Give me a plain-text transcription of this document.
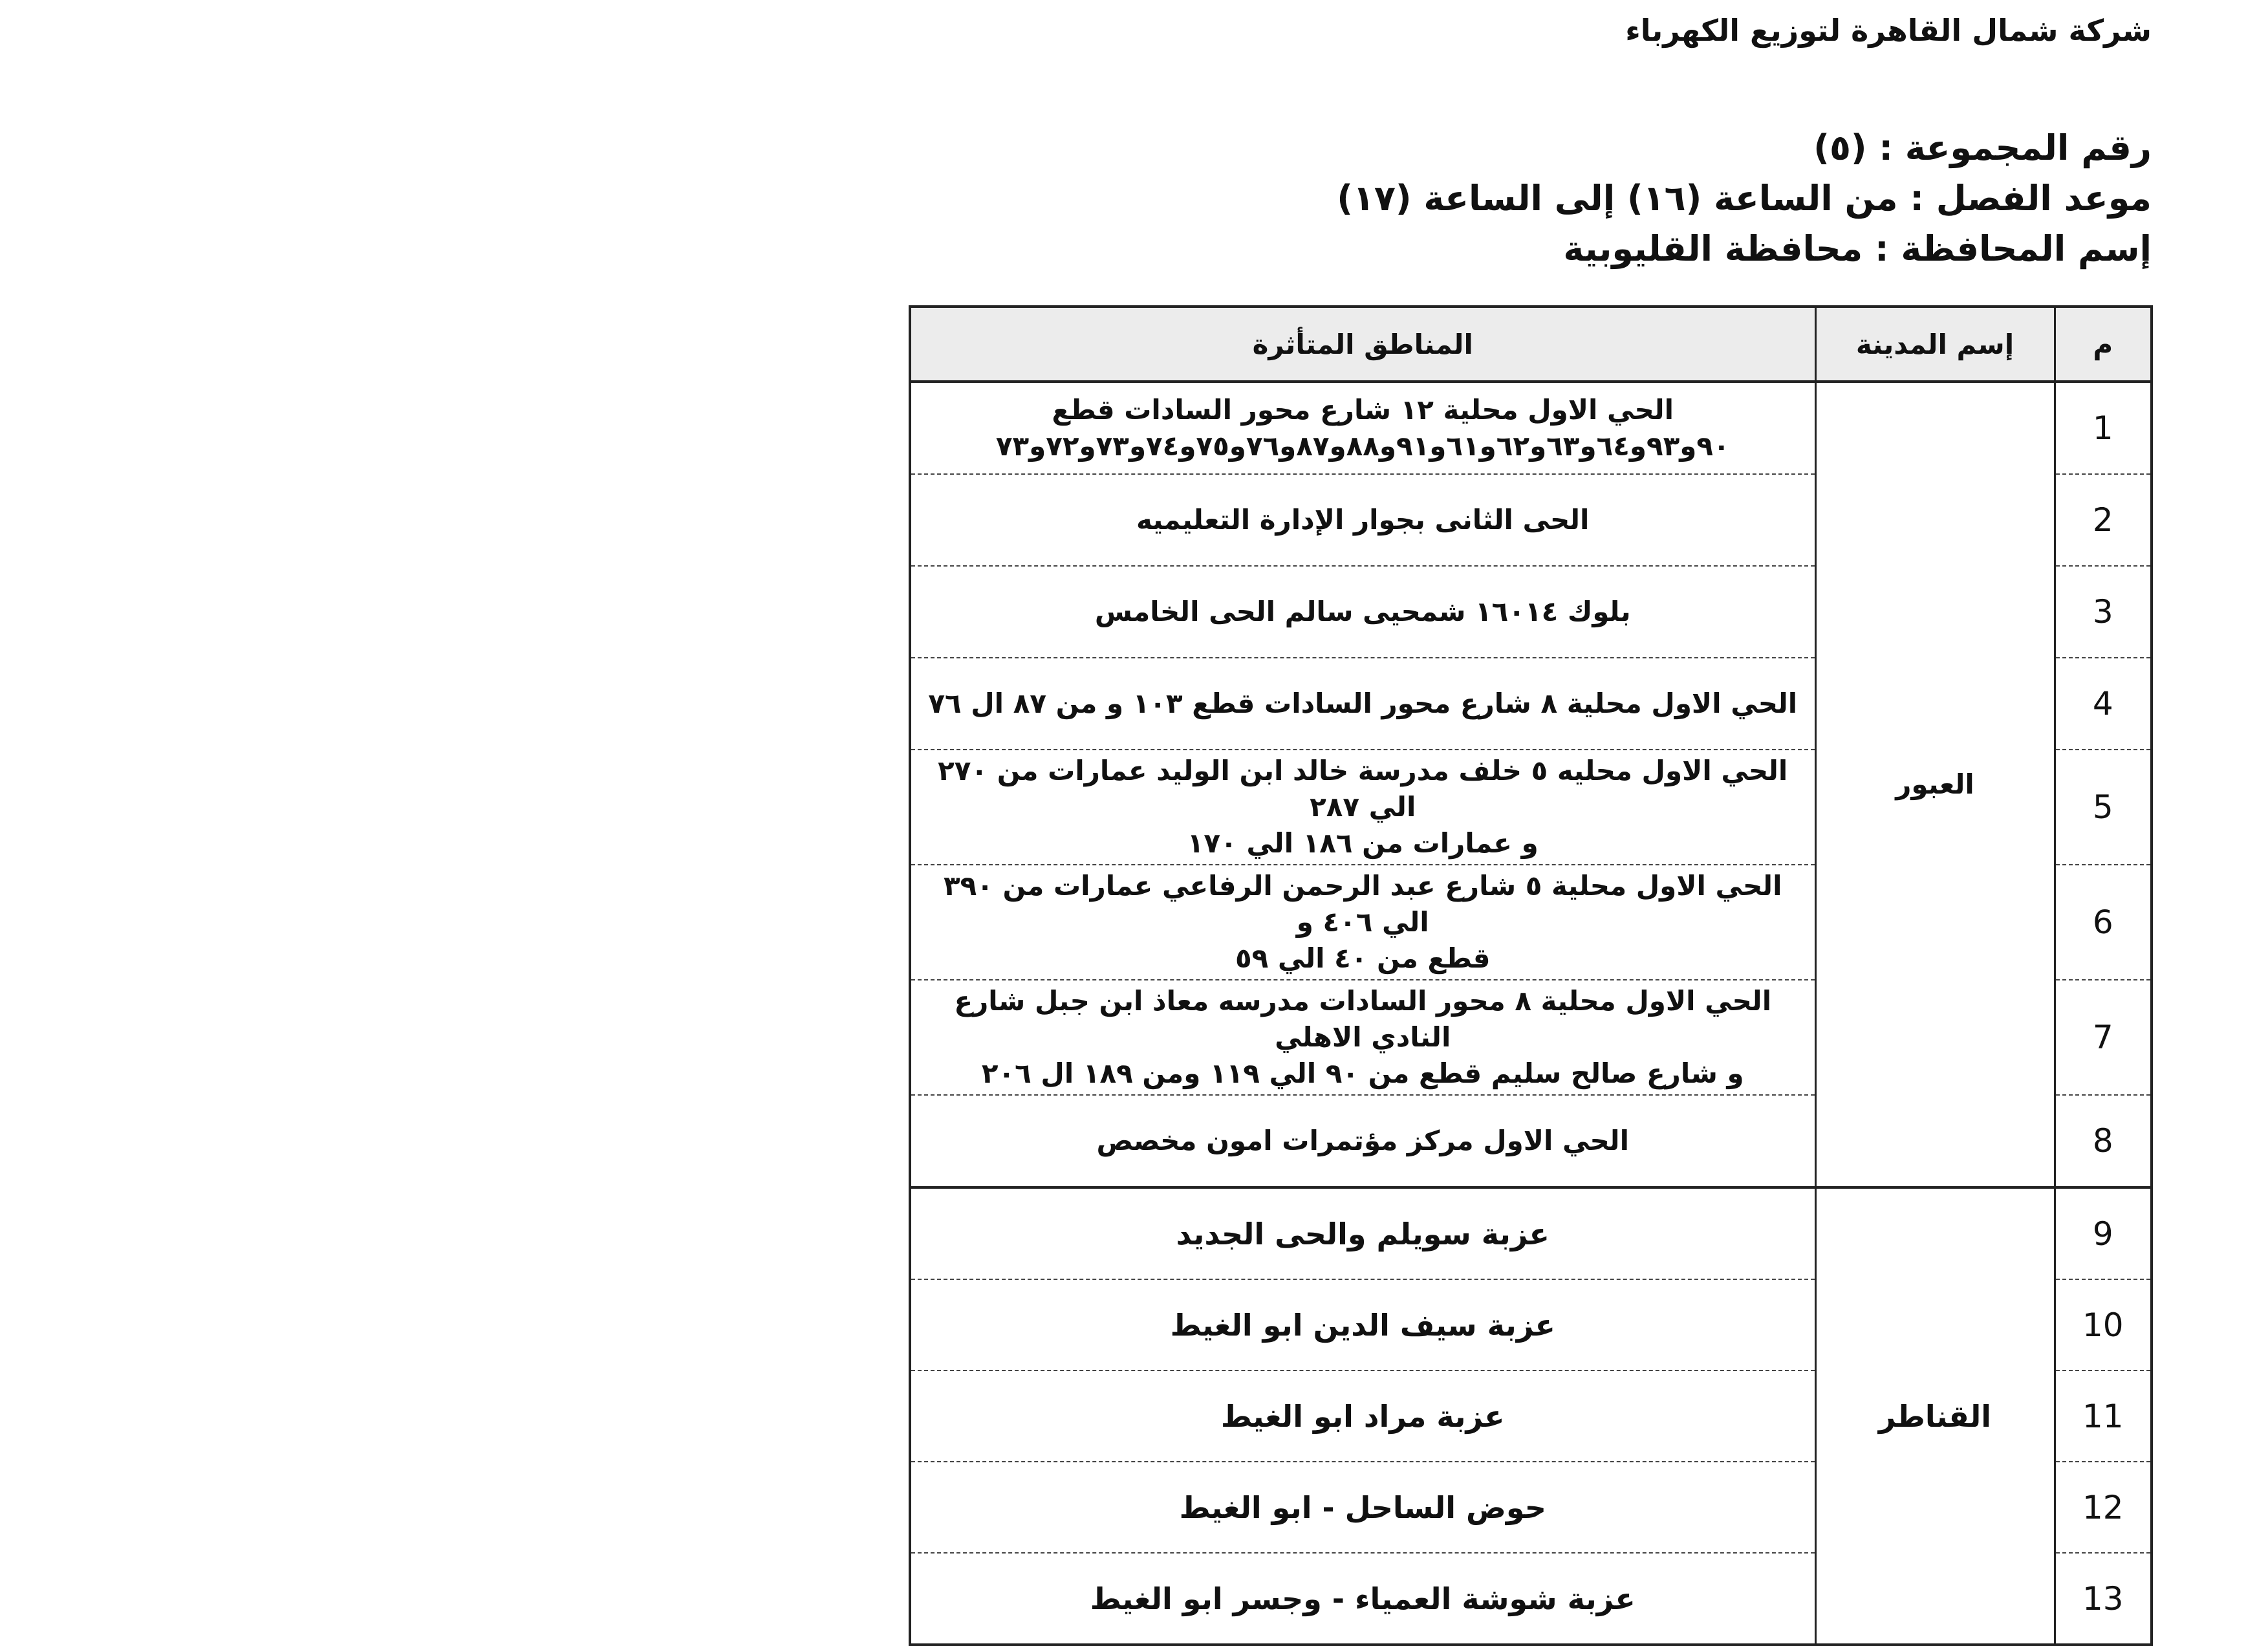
شركة شمال القاهرة لتوزيع الكهرباء
رقم المجموعة : (٥)
موعد الفصل : من الساعة (١٦) إلى الساعة (١٧)
إسم المحافظة : محافظة القليوبية
م	إسم المدينة	المناطق المتأثرة
1	العبور	الحي الاول محلية ١٢ شارع محور السادات قطع
٩٠و٩٣و٦٤و٦٣و٦٢و٦١و٩١و٨٨و٨٧و٧٦و٧٥و٧٤و٧٣و٧٢و٧٣

2		الحى الثانى بجوار الإدارة التعليميه

3		بلوك ١٦٠١٤ شمحيى سالم الحى الخامس

4		الحي الاول محلية ٨ شارع محور السادات قطع ١٠٣ و من ٨٧ ال ٧٦

5		الحي الاول محليه ٥ خلف مدرسة خالد ابن الوليد عمارات من ٢٧٠ الي ٢٨٧
و عمارات من ١٨٦ الي ١٧٠

6		الحي الاول محلية ٥ شارع عبد الرحمن الرفاعي عمارات من ٣٩٠ الي ٤٠٦ و
قطع من ٤٠ الي ٥٩

7		الحي الاول محلية ٨ محور السادات مدرسه معاذ ابن جبل شارع النادي الاهلي
و شارع صالح سليم قطع من ٩٠ الي ١١٩ ومن ١٨٩ ال ٢٠٦

8		الحي الاول مركز مؤتمرات امون مخصص

9	القناطر	عزبة سويلم والحى الجديد

10		عزبة سيف الدين ابو الغيط

11		عزبة مراد ابو الغيط

12		حوض الساحل - ابو الغيط

13		عزبة شوشة العمياء - وجسر ابو الغيط
